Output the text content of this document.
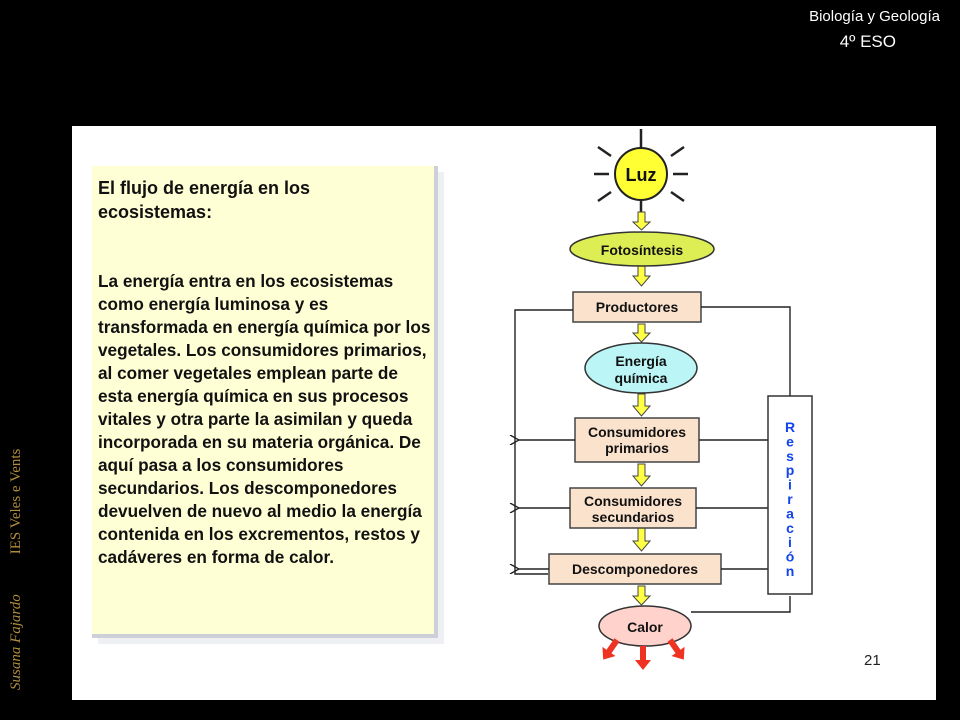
Biología y Geología
4º ESO
Susana FajardoIES Veles e Vents

El flujo de energía en los ecosistemas:

La energía entra en los ecosistemas como energía luminosa y es transformada en energía química por los vegetales. Los consumidores primarios, al comer vegetales emplean parte de esta energía química en sus procesos vitales y otra parte la asimilan y queda incorporada en su materia orgánica. De aquí pasa a los consumidores secundarios. Los descomponedores devuelven de nuevo al medio la energía contenida en los excrementos, restos y cadáveres en forma de calor.

Luz
Fotosíntesis
Productores
Energía
química
Consumidores
primarios
Consumidores
secundarios
Descomponedores
Calor
R
e
s
p
i
r
a
c
i
ó
n
21
